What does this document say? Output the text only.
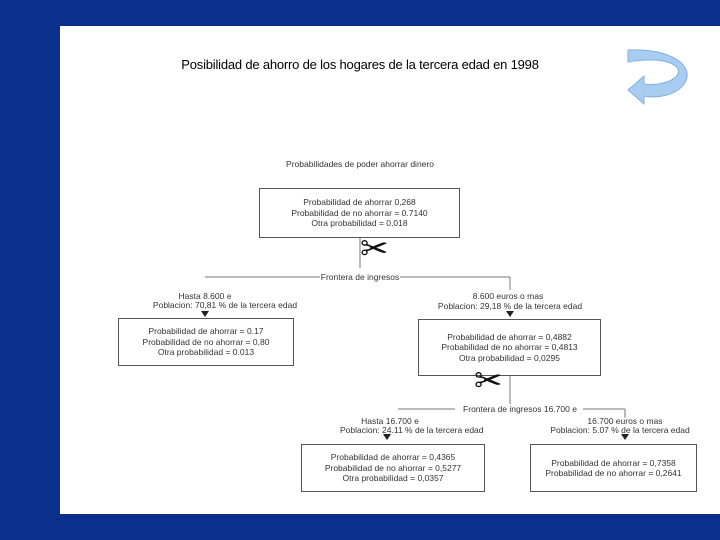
Posibilidad de ahorro de los hogares de la tercera edad en 1998
Probabilidades de poder ahorrar dinero
Probabilidad de ahorrar 0,268
Probabilidad de no ahorrar = 0.7140
Otra probabilidad = 0,018
✂
Frontera de ingresos
Hasta 8.600 e
Poblacion: 70,81 % de la tercera edad
Probabilidad de ahorrar = 0.17
Probabilidad de no ahorrar = 0,80
Otra probabilidad = 0.013
8.600 euros o mas
Poblacion: 29,18 % de la tercera edad
Probabilidad de ahorrar = 0,4882
Probabilidad de no ahorrar = 0,4813
Otra probabilidad = 0,0295
✂
Frontera de ingresos 16.700 e
Hasta 16.700 e
Poblacion: 24.11 % de la tercera edad
Probabilidad de ahorrar = 0,4365
Probabilidad de no ahorrar = 0,5277
Otra probabilidad = 0,0357
16.700 euros o mas
Poblacion: 5.07 % de la tercera edad
Probabilidad de ahorrar = 0,7358
Probabilidad de no ahorrar = 0,2641
